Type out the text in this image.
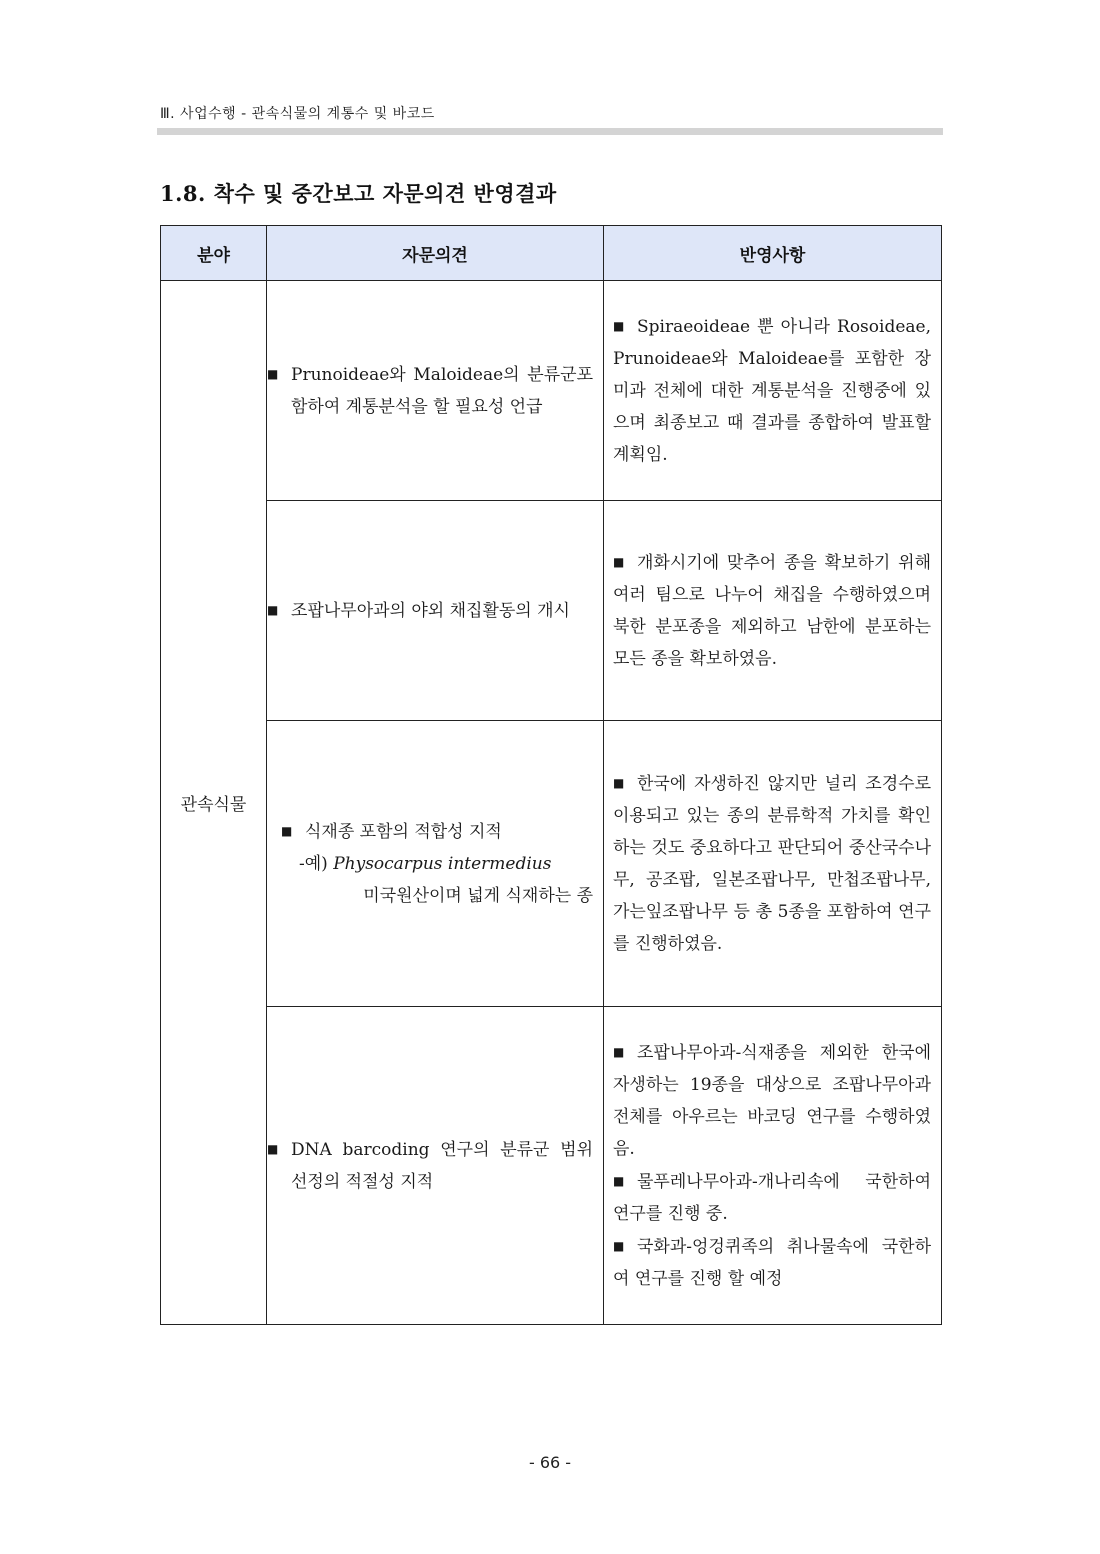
Ⅲ. 사업수행 - 관속식물의 계통수 및 바코드
1.8. 착수 및 중간보고 자문의견 반영결과
분야	자문의견	반영사항
관속식물	■ Prunoideae와 Maloideae의 분류군포함하여 계통분석을 할 필요성 언급	■ Spiraeoideae 뿐 아니라 Rosoideae, Prunoideae와 Maloideae를 포함한 장미과 전체에 대한 계통분석을 진행중에 있으며 최종보고 때 결과를 종합하여 발표할 계획임.

	■ 조팝나무아과의 야외 채집활동의 개시	■ 개화시기에 맞추어 종을 확보하기 위해 여러 팀으로 나누어 채집을 수행하였으며 북한 분포종을 제외하고 남한에 분포하는 모든 종을 확보하였음.

	■ 식재종 포함의 적합성 지적
-예) Physocarpus intermedius
미국원산이며 넓게 식재하는 종	■ 한국에 자생하진 않지만 널리 조경수로 이용되고 있는 종의 분류학적 가치를 확인하는 것도 중요하다고 판단되어 중산국수나무, 공조팝, 일본조팝나무, 만첩조팝나무, 가는잎조팝나무 등 총 5종을 포함하여 연구를 진행하였음.

	■ DNA barcoding 연구의 분류군 범위 선정의 적절성 지적	■ 조팝나무아과-식재종을 제외한 한국에 자생하는 19종을 대상으로 조팝나무아과 전체를 아우르는 바코딩 연구를 수행하였음.
■ 물푸레나무아과-개나리속에 국한하여 연구를 진행 중.
■ 국화과-엉겅퀴족의 취나물속에 국한하여 연구를 진행 할 예정
- 66 -
